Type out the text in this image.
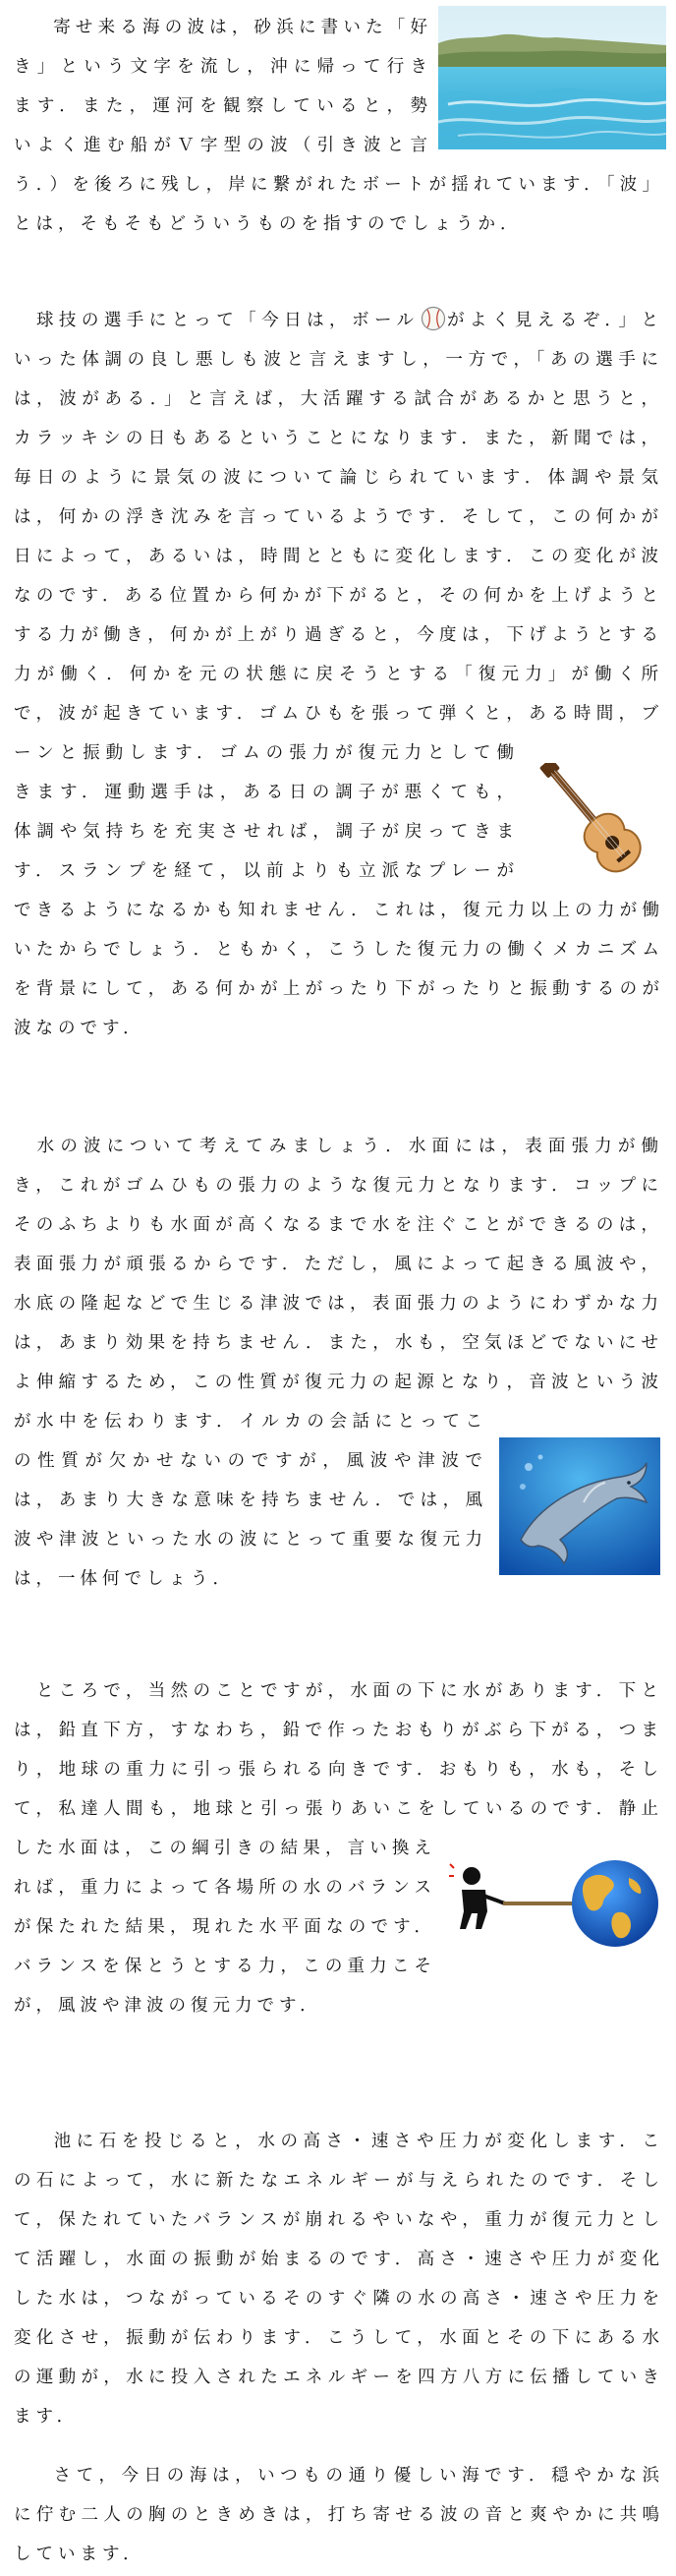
　寄せ来る海の波は，砂浜に書いた「好き」という文字を流し，沖に帰って行きます．また，運河を観察していると，勢いよく進む船がＶ字型の波（引き波と言う．）を後ろに残し，岸に繋がれたボートが揺れています．「波」とは，そもそもどういうものを指すのでしょうか．

　球技の選手にとって「今日は，ボール がよく見えるぞ．」といった体調の良し悪しも波と言えますし，一方で，「あの選手には，波がある．」と言えば，大活躍する試合があるかと思うと，カラッキシの日もあるということになります．また，新聞では，毎日のように景気の波について論じられています．体調や景気は，何かの浮き沈みを言っているようです．そして，この何かが日によって，あるいは，時間とともに変化します．この変化が波なのです．ある位置から何かが下がると，その何かを上げようとする力が働き，何かが上がり過ぎると，今度は，下げようとする力が働く．何かを元の状態に戻そうとする「復元力」が働く所で，波が起きています．ゴムひもを張って弾くと，ある時間，ブーンと振動します．ゴムの張力が復元力として働きます．運動選手は，ある日の調子が悪くても，体調や気持ちを充実させれば，調子が戻ってきます．スランプを経て，以前よりも立派なプレーができるようになるかも知れません．これは，復元力以上の力が働いたからでしょう．ともかく，こうした復元力の働くメカニズムを背景にして，ある何かが上がったり下がったりと振動するのが波なのです．

　水の波について考えてみましょう．水面には，表面張力が働き，これがゴムひもの張力のような復元力となります．コップにそのふちよりも水面が高くなるまで水を注ぐことができるのは，表面張力が頑張るからです．ただし，風によって起きる風波や，水底の隆起などで生じる津波では，表面張力のようにわずかな力は，あまり効果を持ちません．また，水も，空気ほどでないにせよ伸縮するため，この性質が復元力の起源となり，音波という波が水中を伝わります．イルカの会話にとってこの性質が欠かせないのですが，風波や津波では，あまり大きな意味を持ちません．では，風波や津波といった水の波にとって重要な復元力は，一体何でしょう．

　ところで，当然のことですが，水面の下に水があります．下とは，鉛直下方，すなわち，鉛で作ったおもりがぶら下がる，つまり，地球の重力に引っ張られる向きです．おもりも，水も，そして，私達人間も，地球と引っ張りあいこをしているのです．静止した水面は，この綱引きの結果，言い換えれば，重力によって各場所の水のバランスが保たれた結果，現れた水平面なのです．バランスを保とうとする力，この重力こそが，風波や津波の復元力です．

　池に石を投じると，水の高さ・速さや圧力が変化します．この石によって，水に新たなエネルギーが与えられたのです．そして，保たれていたバランスが崩れるやいなや，重力が復元力として活躍し，水面の振動が始まるのです．高さ・速さや圧力が変化した水は，つながっているそのすぐ隣の水の高さ・速さや圧力を変化させ，振動が伝わります．こうして，水面とその下にある水の運動が，水に投入されたエネルギーを四方八方に伝播していきます．

　さて，今日の海は，いつもの通り優しい海です．穏やかな浜に佇む二人の胸のときめきは，打ち寄せる波の音と爽やかに共鳴しています．
